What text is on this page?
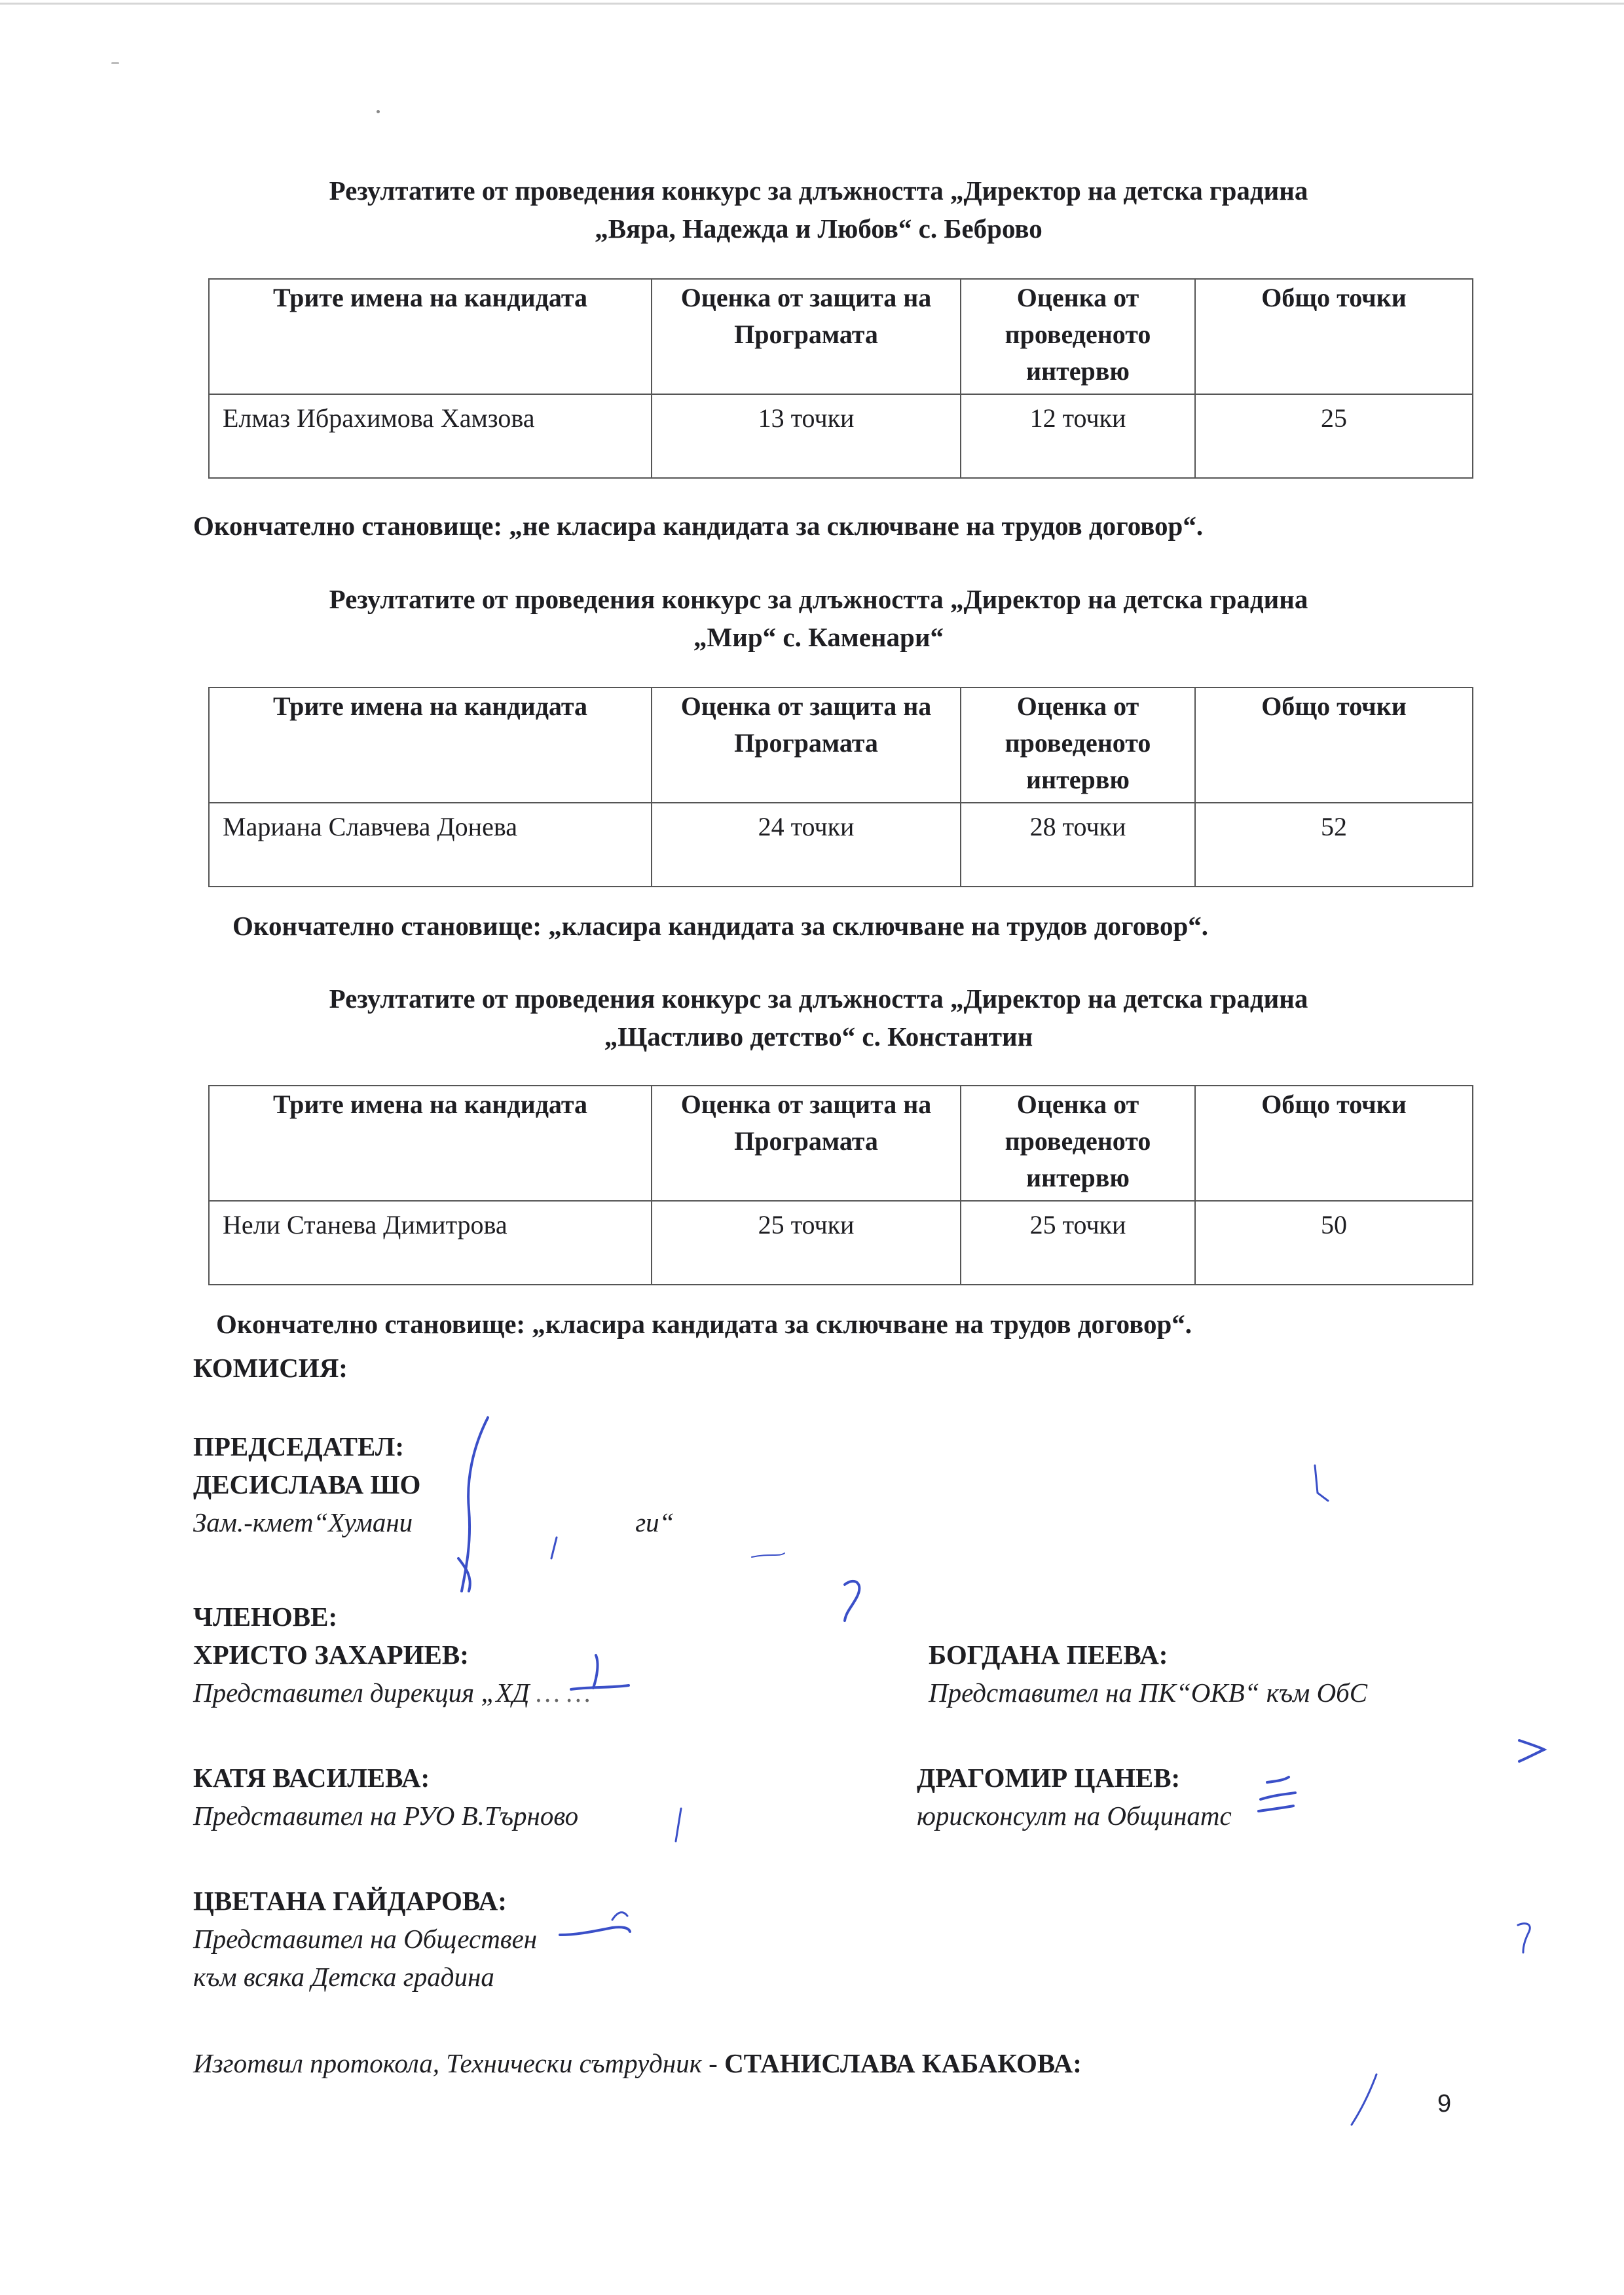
Резултатите от проведения конкурс за длъжността „Директор на детска градина
„Вяра, Надежда и Любов“ с. Беброво
Трите имена на кандидата	Оценка от защита на Програмата	Оценка от проведеното интервю	Общо точки
Елмаз Ибрахимова Хамзова	13 точки	12 точки	25
Окончателно становище: „не класира кандидата за сключване на трудов договор“.
Резултатите от проведения конкурс за длъжността „Директор на детска градина
„Мир“ с. Каменари“
Трите имена на кандидата	Оценка от защита на Програмата	Оценка от проведеното интервю	Общо точки
Мариана Славчева Донева	24 точки	28 точки	52
Окончателно становище: „класира кандидата за сключване на трудов договор“.
Резултатите от проведения конкурс за длъжността „Директор на детска градина
„Щастливо детство“ с. Константин
Трите имена на кандидата	Оценка от защита на Програмата	Оценка от проведеното интервю	Общо точки
Нели Станева Димитрова	25 точки	25 точки	50
Окончателно становище: „класира кандидата за сключване на трудов договор“.
КОМИСИЯ:
ПРЕДСЕДАТЕЛ:
ДЕСИСЛАВА ШО
Зам.-кмет“Хумани	ги“
ЧЛЕНОВЕ:
ХРИСТО ЗАХАРИЕВ:
Представител дирекция „ХД … …
БОГДАНА ПЕЕВА:
Представител на ПК“ОКВ“ към ОбС
КАТЯ ВАСИЛЕВА:
Представител на РУО В.Търново
ДРАГОМИР ЦАНЕВ:
юрисконсулт на Общинатс
ЦВЕТАНА ГАЙДАРОВА:
Представител на Обществен
към всяка Детска градина
Изготвил протокола, Технически сътрудник - СТАНИСЛАВА КАБАКОВА:
9
